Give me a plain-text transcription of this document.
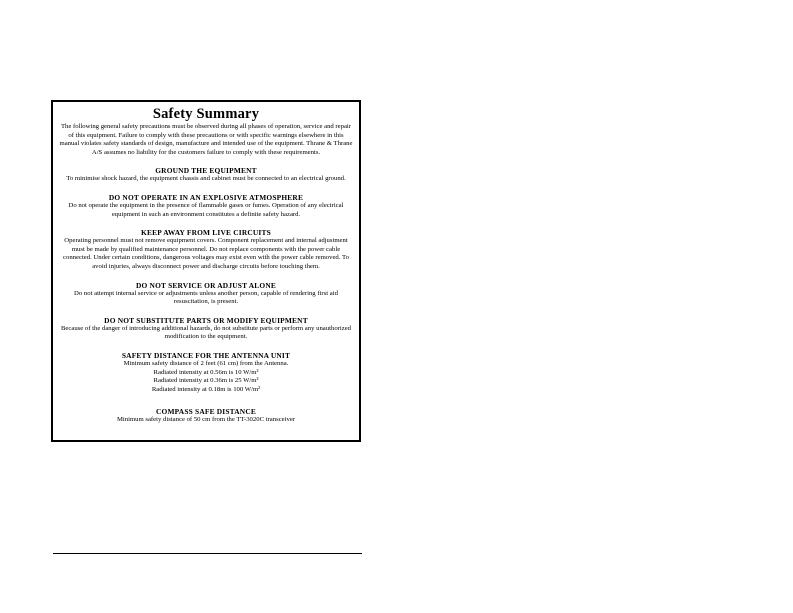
Safety Summary
The following general safety precautions must be observed during all phases of operation, service and repair of this equipment. Failure to comply with these precautions or with specific warnings elsewhere in this manual violates safety standards of design, manufacture and intended use of the equipment. Thrane & Thrane A/S assumes no liability for the customers failure to comply with these requirements.
GROUND THE EQUIPMENT
To minimise shock hazard, the equipment chassis and cabinet must be connected to an electrical ground.
DO NOT OPERATE IN AN EXPLOSIVE ATMOSPHERE
Do not operate the equipment in the presence of flammable gases or fumes. Operation of any electrical equipment in such an environment constitutes a definite safety hazard.
KEEP AWAY FROM LIVE CIRCUITS
Operating personnel must not remove equipment covers. Component replacement and internal adjustment must be made by qualified maintenance personnel. Do not replace components with the power cable connected. Under certain conditions, dangerous voltages may exist even with the power cable removed. To avoid injuries, always disconnect power and discharge circuits before touching them.
DO NOT SERVICE OR ADJUST ALONE
Do not attempt internal service or adjustments unless another person, capable of rendering first aid resuscitation, is present.
DO NOT SUBSTITUTE PARTS OR MODIFY EQUIPMENT
Because of the danger of introducing additional hazards, do not substitute parts or perform any unauthorized modification to the equipment.
SAFETY DISTANCE FOR THE ANTENNA UNIT
Minimum safety distance of 2 feet (61 cm) from the Antenna.
Radiated intensity at 0.56m is 10 W/m²
Radiated intensity at 0.36m is 25 W/m²
Radiated intensity at 0.18m is 100 W/m²
COMPASS SAFE DISTANCE
Minimum safety distance of 50 cm from the TT-3020C transceiver
